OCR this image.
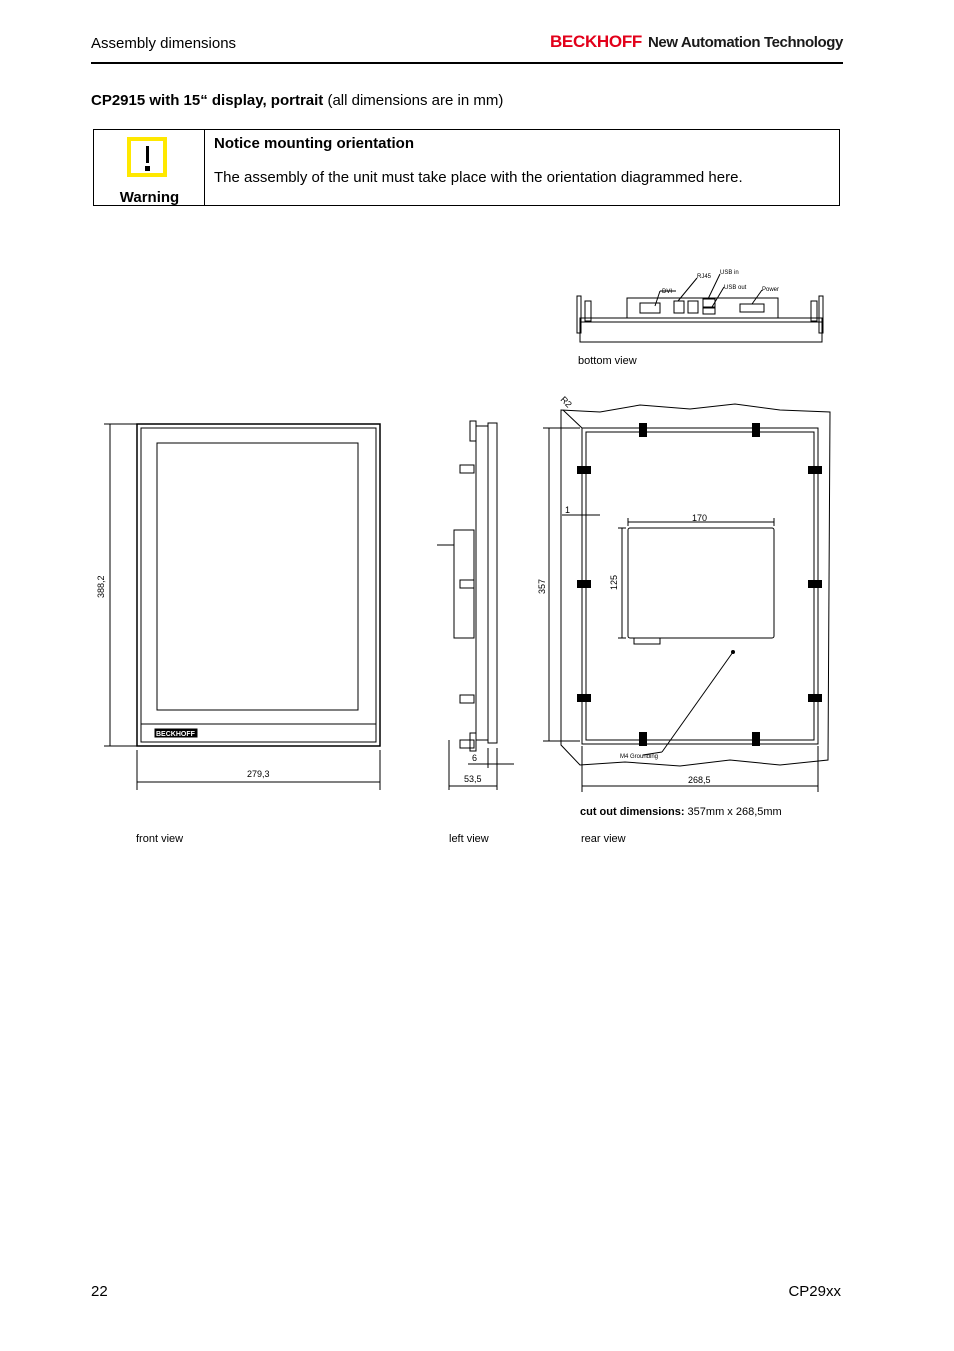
Assembly dimensions	BECKHOFF New Automation Technology
CP2915 with 15“ display, portrait (all dimensions are in mm)
Warning
Notice mounting orientation
The assembly of the unit must take place with the orientation diagrammed here.
DVI
RJ45
USB in
USB out	Power
bottom view
388,2
279,3
BECKHOFF
front view
6
53,5
left view
R2
1
170
125
357
268,5
M4 Grounding
cut out dimensions: 357mm x 268,5mm
rear view
22	CP29xx
